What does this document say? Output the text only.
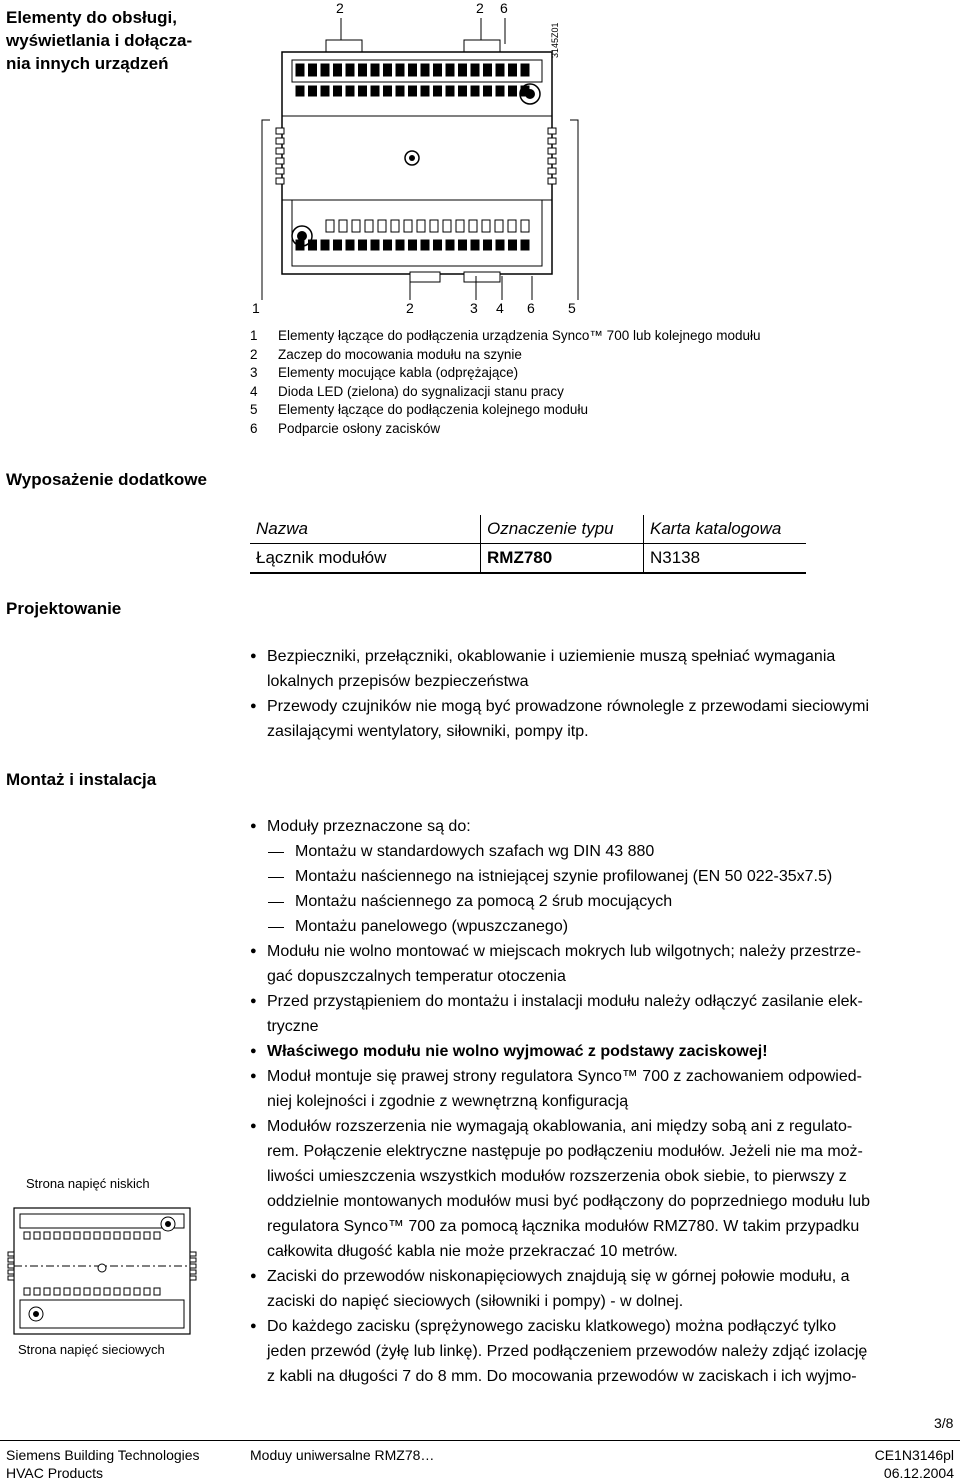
Elementy do obsługi,
wyświetlania i dołącza-
nia innych urządzeń
2	2 6
3145Z01
1	2	3 4 6 5
1 Elementy łączące do podłączenia urządzenia Synco™ 700 lub kolejnego modułu
2 Zaczep do mocowania modułu na szynie
3 Elementy mocujące kabla (odprężające)
4 Dioda LED (zielona) do sygnalizacji stanu pracy
5 Elementy łączące do podłączenia kolejnego modułu
6 Podparcie osłony zacisków
Wyposażenie dodatkowe
Nazwa	Oznaczenie typu	Karta katalogowa
Łącznik modułów	RMZ780	N3138
Projektowanie
● Bezpieczniki, przełączniki, okablowanie i uziemienie muszą spełniać wymagania
lokalnych przepisów bezpieczeństwa
● Przewody czujników nie mogą być prowadzone równolegle z przewodami sieciowymi
zasilającymi wentylatory, siłowniki, pompy itp.
Montaż i instalacja
Strona napięć niskich
Strona napięć sieciowych
● Moduły przeznaczone są do:
Montażu w standardowych szafach wg DIN 43 880
Montażu naściennego na istniejącej szynie profilowanej (EN 50 022-35x7.5)
Montażu naściennego za pomocą 2 śrub mocujących
Montażu panelowego (wpuszczanego)
● Modułu nie wolno montować w miejscach mokrych lub wilgotnych; należy przestrze-
gać dopuszczalnych temperatur otoczenia
● Przed przystąpieniem do montażu i instalacji modułu należy odłączyć zasilanie elek-
tryczne
● Właściwego modułu nie wolno wyjmować z podstawy zaciskowej!
● Moduł montuje się prawej strony regulatora Synco™ 700 z zachowaniem odpowied-
niej kolejności i zgodnie z wewnętrzną konfiguracją
● Modułów rozszerzenia nie wymagają okablowania, ani między sobą ani z regulato-
rem. Połączenie elektryczne następuje po podłączeniu modułów. Jeżeli nie ma moż-
liwości umieszczenia wszystkich modułów rozszerzenia obok siebie, to pierwszy z
oddzielnie montowanych modułów musi być podłączony do poprzedniego modułu lub
regulatora Synco™ 700 za pomocą łącznika modułów RMZ780. W takim przypadku
całkowita długość kabla nie może przekraczać 10 metrów.
● Zaciski do przewodów niskonapięciowych znajdują się w górnej połowie modułu, a
zaciski do napięć sieciowych (siłowniki i pompy) - w dolnej.
● Do każdego zacisku (sprężynowego zacisku klatkowego) można podłączyć tylko
jeden przewód (żyłę lub linkę). Przed podłączeniem przewodów należy zdjąć izolację
z kabli na długości 7 do 8 mm. Do mocowania przewodów w zaciskach i ich wyjmo-
3/8
Siemens Building Technologies
HVAC Products
Moduy uniwersalne RMZ78…	CE1N3146pl
06.12.2004
